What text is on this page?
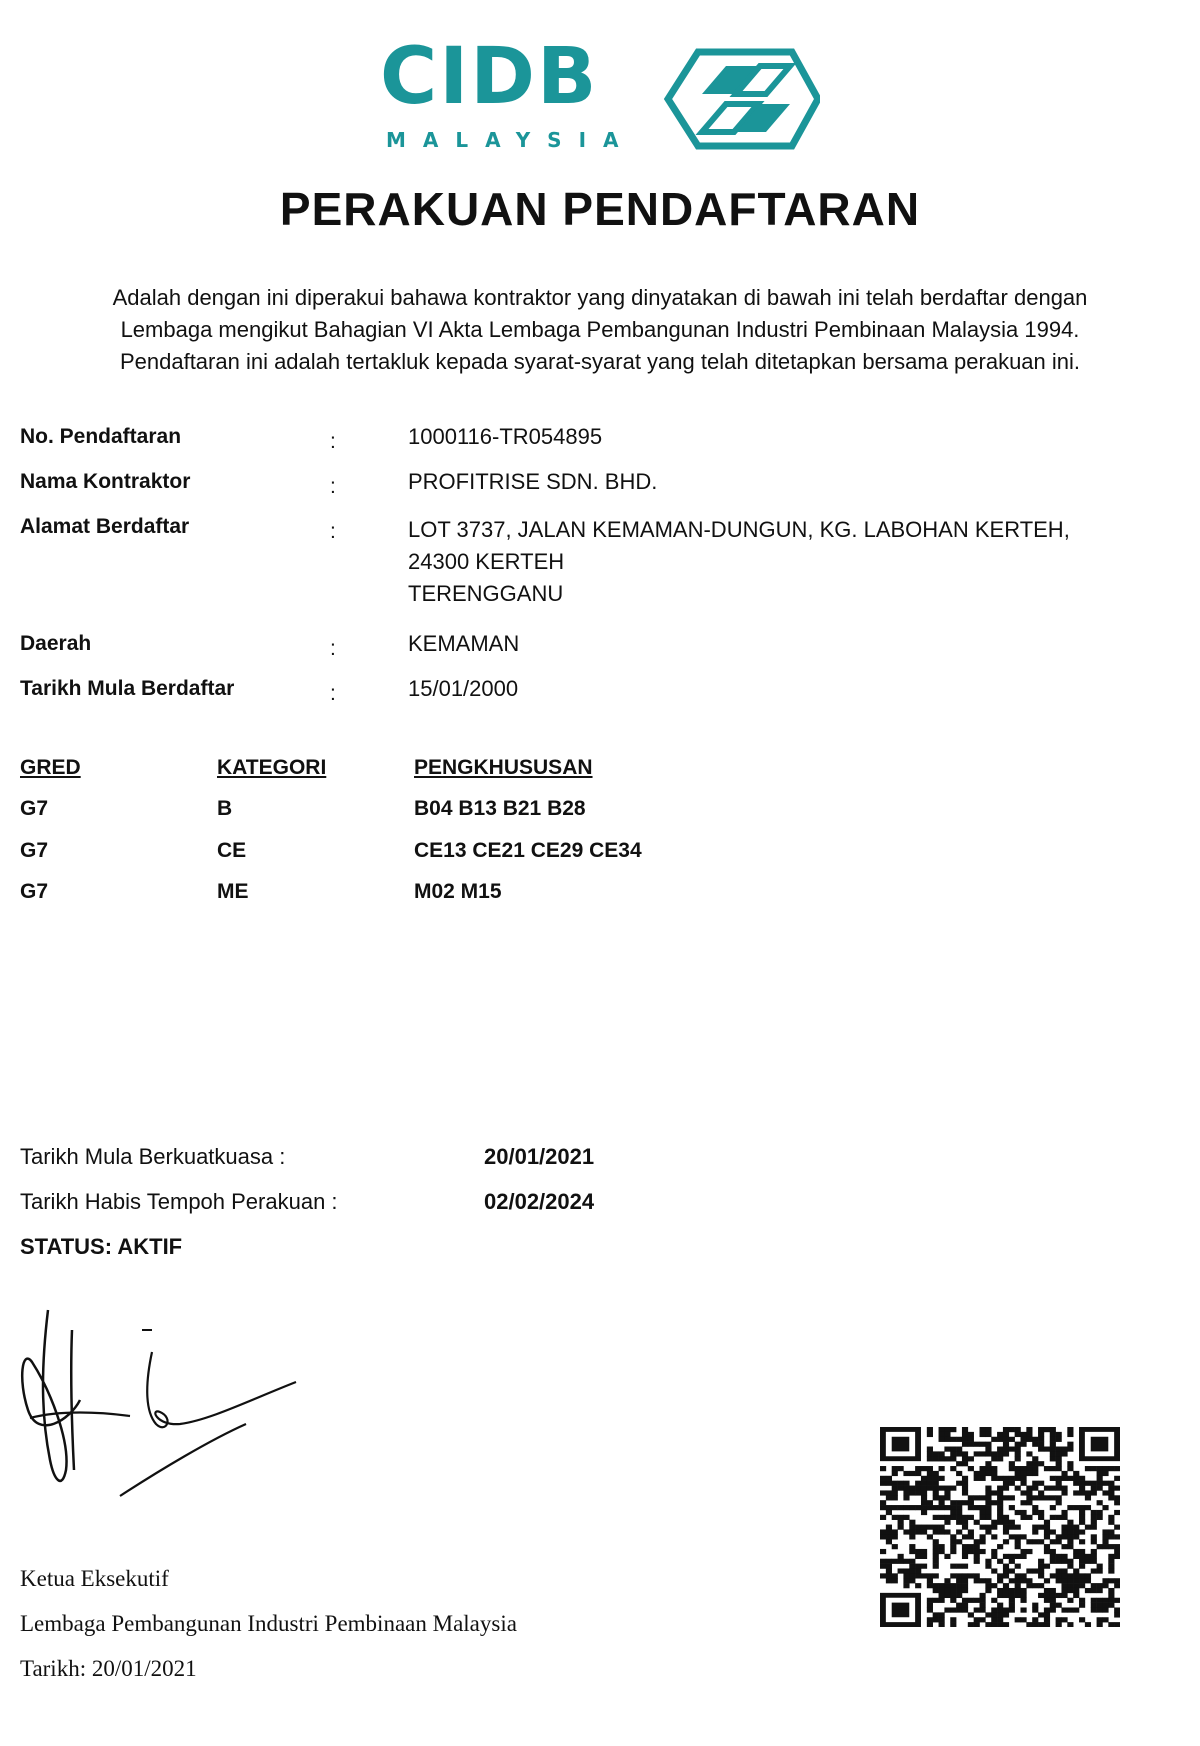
CIDB
MALAYSIA
PERAKUAN PENDAFTARAN
Adalah dengan ini diperakui bahawa kontraktor yang dinyatakan di bawah ini telah berdaftar dengan
Lembaga mengikut Bahagian VI Akta Lembaga Pembangunan Industri Pembinaan Malaysia 1994.
Pendaftaran ini adalah tertakluk kepada syarat-syarat yang telah ditetapkan bersama perakuan ini.
No. Pendaftaran	:	1000116-TR054895
Nama Kontraktor	:	PROFITRISE SDN. BHD.
Alamat Berdaftar	:	LOT 3737, JALAN KEMAMAN-DUNGUN, KG. LABOHAN KERTEH,
24300 KERTEH
TERENGGANU
Daerah	:	KEMAMAN
Tarikh Mula Berdaftar	:	15/01/2000
GRED	KATEGORI	PENGKHUSUSAN
G7	B	B04 B13 B21 B28
G7	CE	CE13 CE21 CE29 CE34
G7	ME	M02 M15
Tarikh Mula Berkuatkuasa :	20/01/2021
Tarikh Habis Tempoh Perakuan :	02/02/2024
STATUS: AKTIF
Ketua Eksekutif
Lembaga Pembangunan Industri Pembinaan Malaysia
Tarikh: 20/01/2021
